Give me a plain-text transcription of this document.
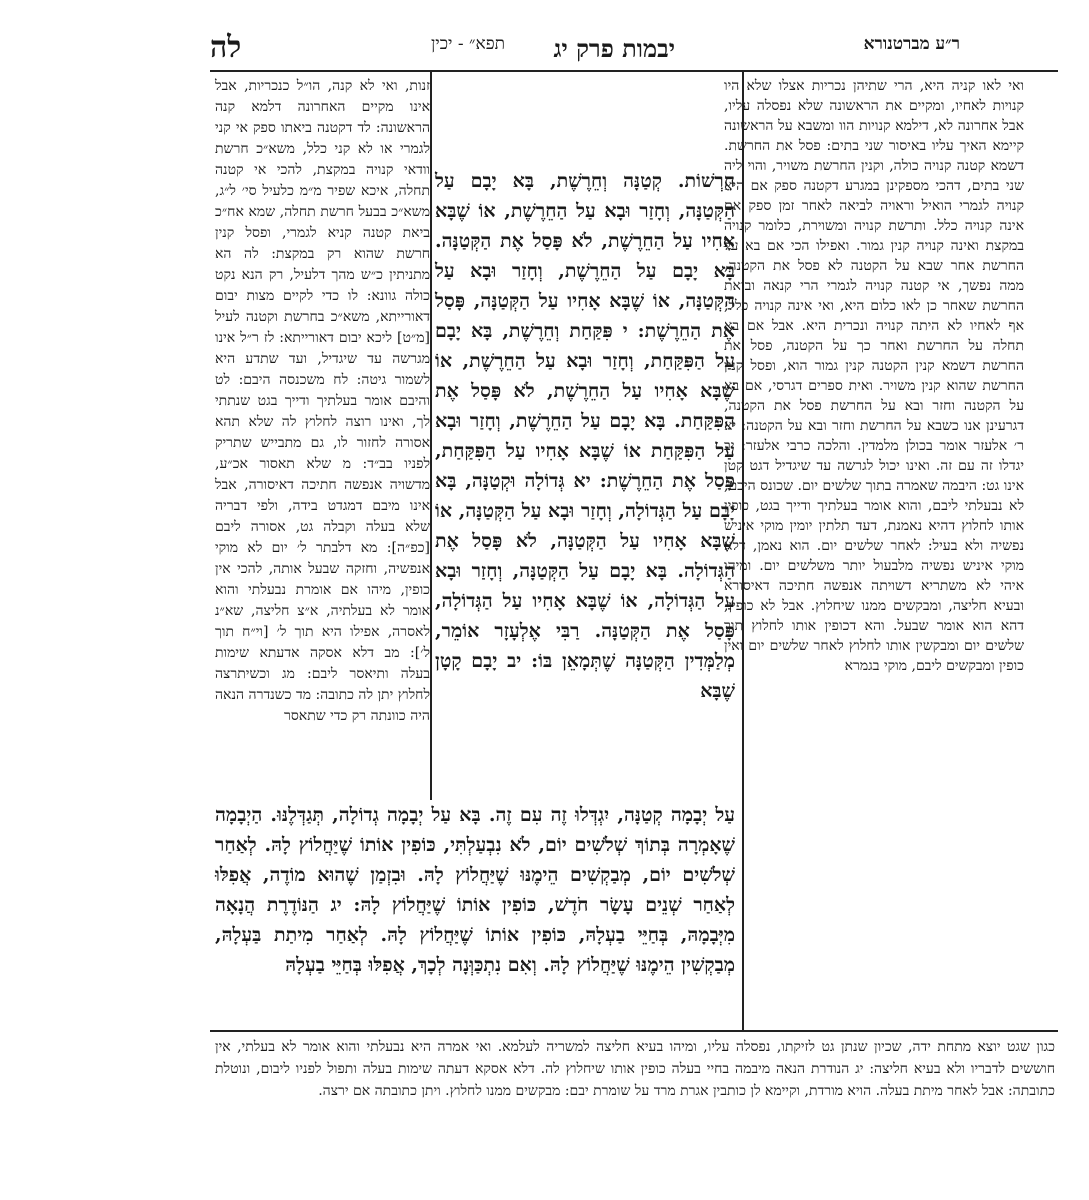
ר״ע מברטנורא
יבמות פרק יג
תפא״ - יכין
לה

ואי לאו קניה היא, הרי שתיהן נכריות אצלו שלא היו קנויות לאחיו, ומקיים את הראשונה שלא נפסלה עליו, אבל אחרונה לא, דילמא קנויות הוו ומשבא על הראשונה קיימא האיך עליו באיסור שני בתים: פסל את החרשת. דשמא קטנה קנויה כולה, וקנין החרשת משויר, והוי ליה שני בתים, דהכי מספקינן במגרע דקטנה ספק אם היא קנויה לגמרי הואיל וראויה לביאה לאחר זמן ספק אם אינה קנויה כלל. ותרשת קנויה ומשוירת, כלומר קנויה במקצת ואינה קנויה קנין גמור. ואפילו הכי אם בא על החרשת אחר שבא על הקטנה לא פסל את הקטנה, ממה נפשך, אי קטנה קנויה לגמרי הרי קנאה וביאת החרשת שאחר כן לאו כלום היא, ואי אינה קנויה כלל, אף לאחיו לא היתה קנויה ונכרית היא. אבל אם בא תחלה על החרשת ואחר כך על הקטנה, פסל את החרשת דשמא קנין הקטנה קנין גמור הוא, ופסל קנין החרשת שהוא קנין משויר. ואית ספרים דגרסי, אם בא על הקטנה וחזר ובא על החרשת פסל את הקטנה, דגרעינן אנו כשבא על החרשת וחזר ובא על הקטנה: יא ר׳ אלעזר אומר בכולן מלמדין. והלכה כרבי אלעזר: יב יגדלו זה עם זה. ואינו יכול לגרשה עד שיגדיל דגט קטן אינו גט: היבמה שאמרה בתוך שלשים יום. שכונס היבם, לא נבעלתי ליבם, והוא אומר בעלתיך ודייך בגט, כופין אותו לחלוץ דהיא נאמנת, דעד תלתין יומין מוקי איניש נפשיה ולא בעיל: לאחר שלשים יום. הוא נאמן, דלא מוקי איניש נפשיה מלבעול יותר משלשים יום. ומיהו איהי לא משתריא דשויתה אנפשה חתיכה דאיסורא ובעיא חליצה, ומבקשים ממנו שיחלוץ. אבל לא כופין, דהא הוא אומר שבעל. והא דכופין אותו לחלוץ תוך שלשים יום ומבקשין אותו לחלוץ לאחר שלשים יום ואין כופין ומבקשים ליבם, מוקי בגמרא

זנות, ואי לא קנה, הו״ל כנכריות, אבל אינו מקיים האחרונה דלמא קנה הראשונה: לד דקטנה ביאתו ספק אי קני לגמרי או לא קני כלל, משא״כ חרשת וודאי קנויה במקצת, להכי אי קטנה תחלה, איכא שפיר מ״מ כלעיל סי׳ ל״ג, משא״כ בבעל חרשת תחלה, שמא אח״כ ביאת קטנה קניא לגמרי, ופסל קנין חרשת שהוא רק במקצת: לה הא מתניתין כ״ש מהך דלעיל, רק הנא נקט כולה גוונא: לו כדי לקיים מצות יבום דאורייתא, משא״כ בחרשת וקטנה לעיל [מ״ט] ליכא יבום דאורייתא: לז ר״ל אינו מגרשה עד שיגדיל, ועד שתדע היא לשמור גיטה: לח משכנסה היבם: לט והיבם אומר בעלתיך ודייך בגט שנתתי לך, ואינו רוצה לחלוץ לה שלא תהא אסורה לחזור לו, גם מתבייש שתריק לפניו בב״ד: מ שלא תאסור אכ״ע, מדשויה אנפשה חתיכה דאיסורה, אבל אינו מיבם דמגדט בידה, ולפי דבריה שלא בעלה וקבלה גט, אסורה ליבם [כפ״ה]: מא דלבתר ל׳ יום לא מוקי אנפשיה, וחזקה שבעל אותה, להכי אין כופין, מיהו אם אומרת נבעלתי והוא אומר לא בעלתיה, א״צ חליצה, שא״נ לאסרה, אפילו היא תוך ל׳ [וי״ח תוך ל׳]: מב דלא אסקה אדעתא שימות בעלה ותיאסר ליבם: מג וכשיתרצה לחלוץ יתן לה כתובה: מד כשנדרה הנאה היה כוונתה רק כדי שתאסר

חֵרְשׁוֹת. קְטַנָּה וְחֵרֶשֶׁת, בָּא יָבָם עַל הַקְּטַנָּה, וְחָזַר וּבָא עַל הַחֵרֶשֶׁת, אוֹ שֶׁבָּא אָחִיו עַל הַחֵרֶשֶׁת, לֹא פָּסַל אֶת הַקְּטַנָּה. בָּא יָבָם עַל הַחֵרֶשֶׁת, וְחָזַר וּבָא עַל הַקְּטַנָּה, אוֹ שֶׁבָּא אָחִיו עַל הַקְּטַנָּה, פָּסַל אֶת הַחֵרֶשֶׁת: י פִּקַּחַת וְחֵרֶשֶׁת, בָּא יָבָם עַל הַפִּקַּחַת, וְחָזַר וּבָא עַל הַחֵרֶשֶׁת, אוֹ שֶׁבָּא אָחִיו עַל הַחֵרֶשֶׁת, לֹא פָּסַל אֶת הַפִּקַּחַת. בָּא יָבָם עַל הַחֵרֶשֶׁת, וְחָזַר וּבָא עַל הַפִּקַּחַת אוֹ שֶׁבָּא אָחִיו עַל הַפִּקַּחַת, פָּסַל אֶת הַחֵרֶשֶׁת: יא גְּדוֹלָה וּקְטַנָּה, בָּא יָבָם עַל הַגְּדוֹלָה, וְחָזַר וּבָא עַל הַקְּטַנָּה, אוֹ שֶׁבָּא אָחִיו עַל הַקְּטַנָּה, לֹא פָּסַל אֶת הַגְּדוֹלָה. בָּא יָבָם עַל הַקְּטַנָּה, וְחָזַר וּבָא עַל הַגְּדוֹלָה, אוֹ שֶׁבָּא אָחִיו עַל הַגְּדוֹלָה, פָּסַל אֶת הַקְּטַנָּה. רַבִּי אֶלְעָזָר אוֹמֵר, מְלַמְּדִין הַקְּטַנָּה שֶׁתְּמָאֵן בּוֹ: יב יָבָם קָטָן שֶׁבָּא

עַל יְבָמָה קְטַנָּה, יִגְדְּלוּ זֶה עִם זֶה. בָּא עַל יְבָמָה גְדוֹלָה, תְּגַדְּלֶנּוּ. הַיְבָמָה שֶׁאָמְרָה בְּתוֹךְ שְׁלֹשִׁים יוֹם, לֹא נִבְעַלְתִּי, כּוֹפִין אוֹתוֹ שֶׁיַּחֲלוֹץ לָהּ. לְאַחַר שְׁלֹשִׁים יוֹם, מְבַקְשִׁים הֵימֶנּוּ שֶׁיַּחֲלוֹץ לָהּ. וּבִזְמַן שֶׁהוּא מוֹדֶה, אֲפִלּוּ לְאַחַר שְׁנֵים עָשָׂר חֹדֶשׁ, כּוֹפִין אוֹתוֹ שֶׁיַּחֲלוֹץ לָהּ: יג הַנּוֹדֶרֶת הֲנָאָה מִיְּבָמָהּ, בְּחַיֵּי בַעְלָהּ, כּוֹפִין אוֹתוֹ שֶׁיַּחֲלוֹץ לָהּ. לְאַחַר מִיתַת בַּעְלָהּ, מְבַקְשִׁין הֵימֶנּוּ שֶׁיַּחֲלוֹץ לָהּ. וְאִם נִתְכַּוְּנָה לְכָךְ, אֲפִלּוּ בְּחַיֵּי בַעְלָהּ

כגון שגט יוצא מתחת ידה, שכיון שנתן גט לזיקתו, נפסלה עליו, ומיהו בעיא חליצה למשריה לעלמא. ואי אמרה היא נבעלתי והוא אומר לא בעלתי, אין חוששים לדבריו ולא בעיא חליצה: יג הנודרת הנאה מיבמה בחיי בעלה כופין אותו שיחלוץ לה. דלא אסקא דעתה שימות בעלה ותפול לפניו ליבום, ונוטלת כתובתה: אבל לאחר מיתת בעלה. הויא מורדת, וקיימא לן כותבין אגרת מרד על שומרת יבם: מבקשים ממנו לחלוץ. ויתן כתובתה אם ירצה.
